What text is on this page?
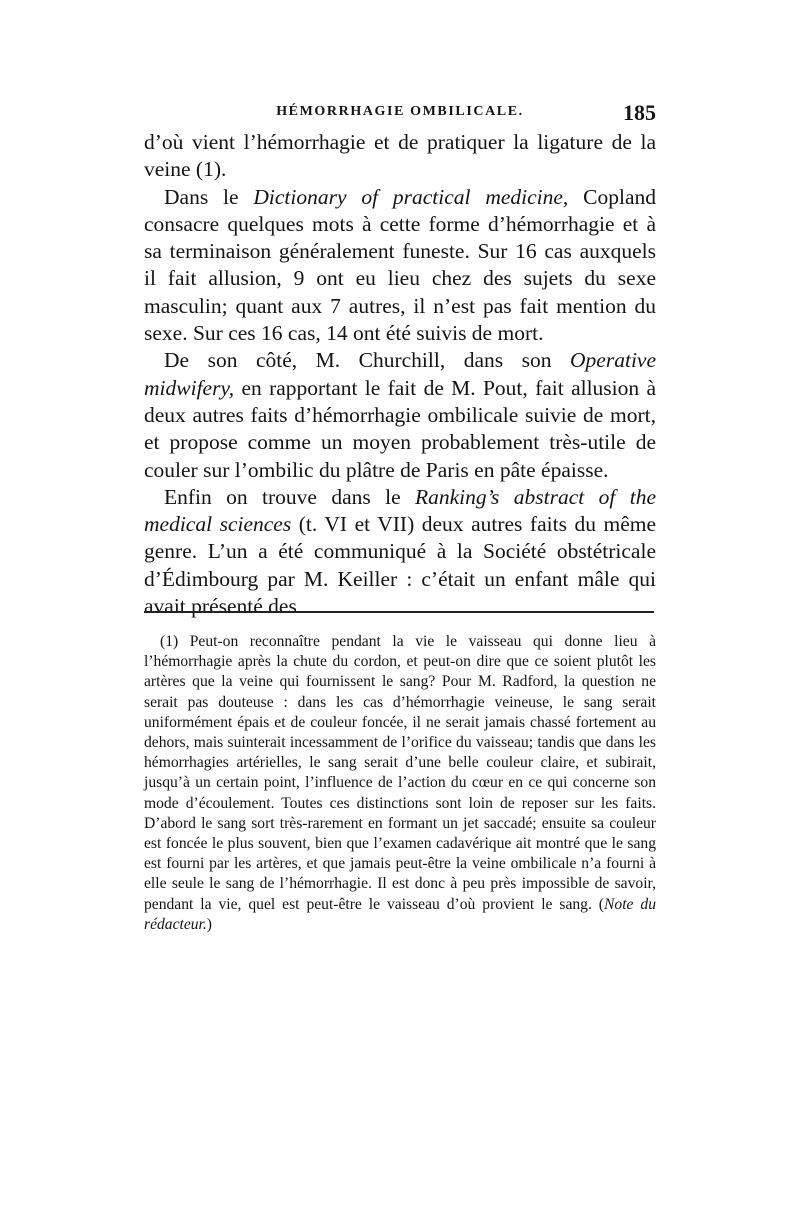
HÉMORRHAGIE OMBILICALE.	185

d’où vient l’hémorrhagie et de pratiquer la ligature de la veine (1).

Dans le Dictionary of practical medicine, Copland consacre quelques mots à cette forme d’hémorrhagie et à sa terminaison généralement funeste. Sur 16 cas auxquels il fait allusion, 9 ont eu lieu chez des sujets du sexe masculin; quant aux 7 autres, il n’est pas fait mention du sexe. Sur ces 16 cas, 14 ont été suivis de mort.

De son côté, M. Churchill, dans son Operative midwifery, en rapportant le fait de M. Pout, fait allusion à deux autres faits d’hémorrhagie ombilicale suivie de mort, et propose comme un moyen probablement très-utile de couler sur l’ombilic du plâtre de Paris en pâte épaisse.

Enfin on trouve dans le Ranking’s abstract of the medical sciences (t. VI et VII) deux autres faits du même genre. L’un a été communiqué à la Société obstétricale d’Édimbourg par M. Keiller : c’était un enfant mâle qui avait présenté des

(1) Peut-on reconnaître pendant la vie le vaisseau qui donne lieu à l’hémorrhagie après la chute du cordon, et peut-on dire que ce soient plutôt les artères que la veine qui fournissent le sang? Pour M. Radford, la question ne serait pas douteuse : dans les cas d’hémorrhagie veineuse, le sang serait uniformément épais et de couleur foncée, il ne serait jamais chassé fortement au dehors, mais suinterait incessamment de l’orifice du vaisseau; tandis que dans les hémorrhagies artérielles, le sang serait d’une belle couleur claire, et subirait, jusqu’à un certain point, l’influence de l’action du cœur en ce qui concerne son mode d’écoulement. Toutes ces distinctions sont loin de reposer sur les faits. D’abord le sang sort très-rarement en formant un jet saccadé; ensuite sa couleur est foncée le plus souvent, bien que l’examen cadavérique ait montré que le sang est fourni par les artères, et que jamais peut-être la veine ombilicale n’a fourni à elle seule le sang de l’hémorrhagie. Il est donc à peu près impossible de savoir, pendant la vie, quel est peut-être le vaisseau d’où provient le sang. (Note du rédacteur.)
